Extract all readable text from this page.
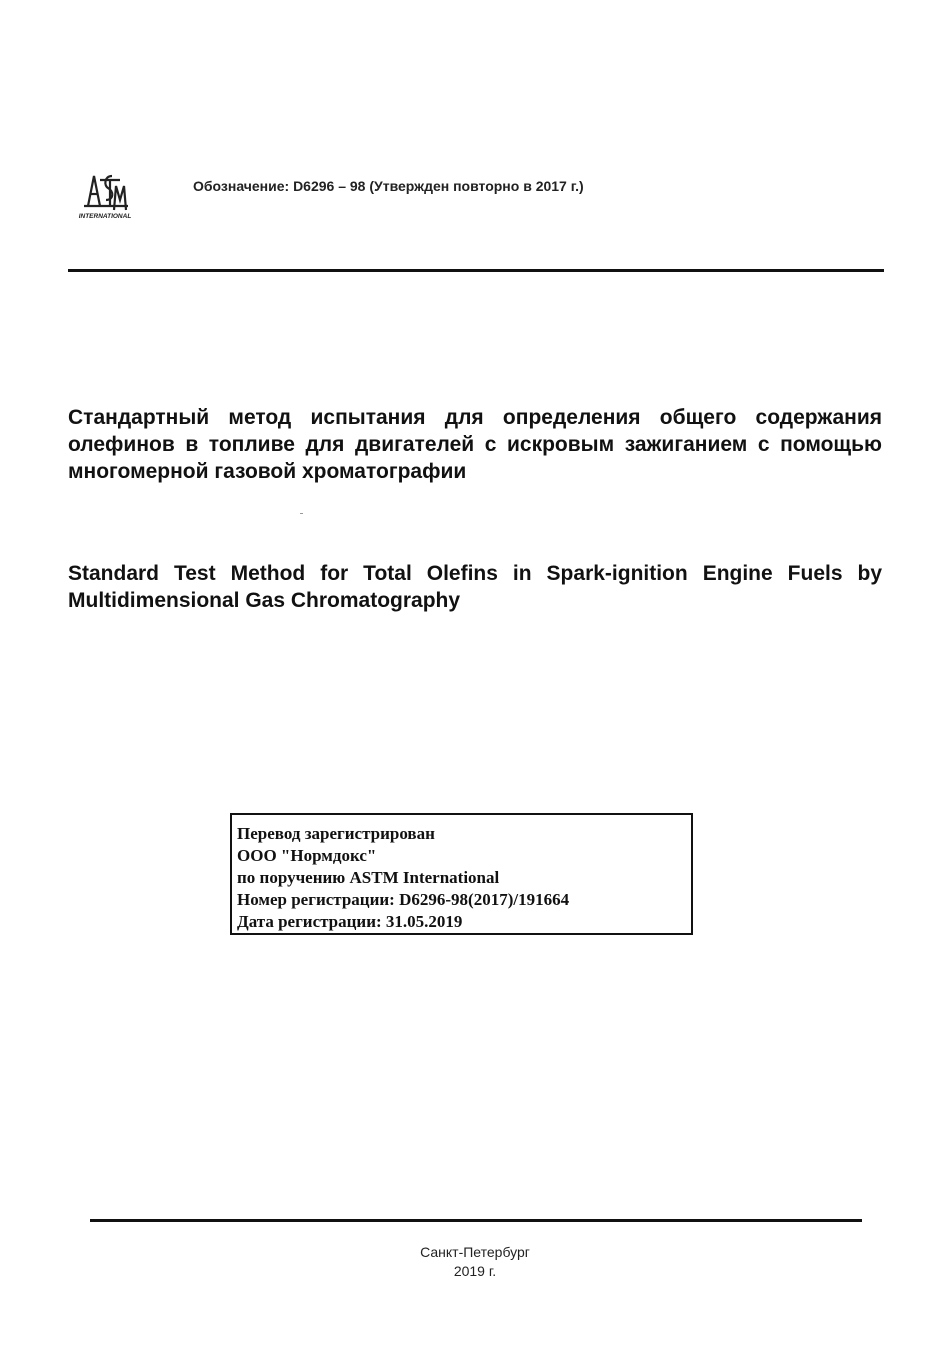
INTERNATIONAL
Обозначение: D6296 – 98 (Утвержден повторно в 2017 г.)
Стандартный метод испытания для определения общего содержания олефинов в топливе для двигателей с искровым зажиганием с помощью многомерной газовой хроматографии
Standard Test Method for Total Olefins in Spark-ignition Engine Fuels by Multidimensional Gas Chromatography
Перевод зарегистрирован
ООО "Нормдокс"
по поручению ASTM International
Номер регистрации: D6296-98(2017)/191664
Дата регистрации: 31.05.2019
Санкт-Петербург
2019 г.
